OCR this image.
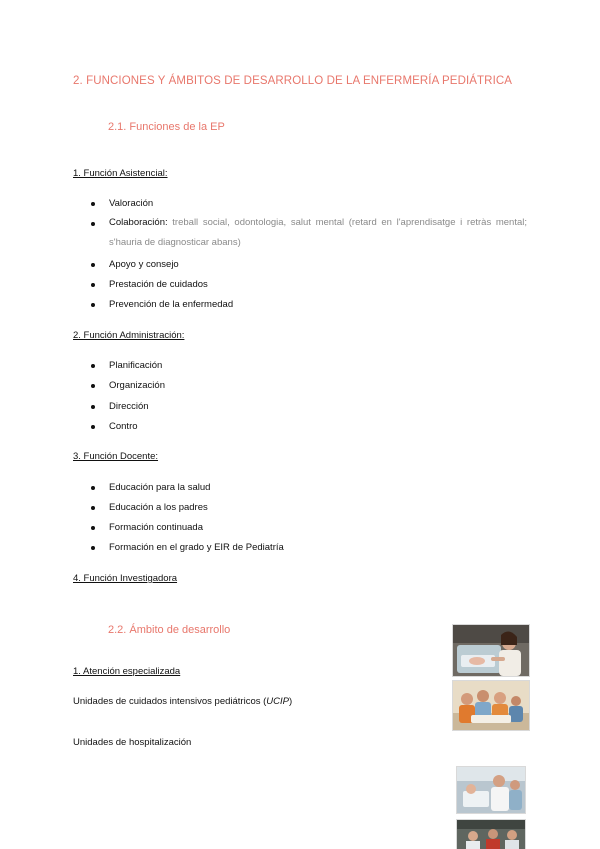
2. FUNCIONES Y ÁMBITOS DE DESARROLLO DE LA ENFERMERÍA PEDIÁTRICA
2.1. Funciones de la EP
1. Función Asistencial:
Valoración
Colaboración: treball social, odontologia, salut mental (retard en l'aprendisatge i retràs mental; s'hauria de diagnosticar abans)
Apoyo y consejo
Prestación de cuidados
Prevención de la enfermedad
2. Función Administración:
Planificación
Organización
Dirección
Contro
3. Función Docente:
Educación para la salud
Educación a los padres
Formación continuada
Formación en el grado y EIR de Pediatría
4. Función Investigadora
2.2. Ámbito de desarrollo
1. Atención especializada
Unidades de cuidados intensivos pediátricos (UCIP)
Unidades de hospitalización
